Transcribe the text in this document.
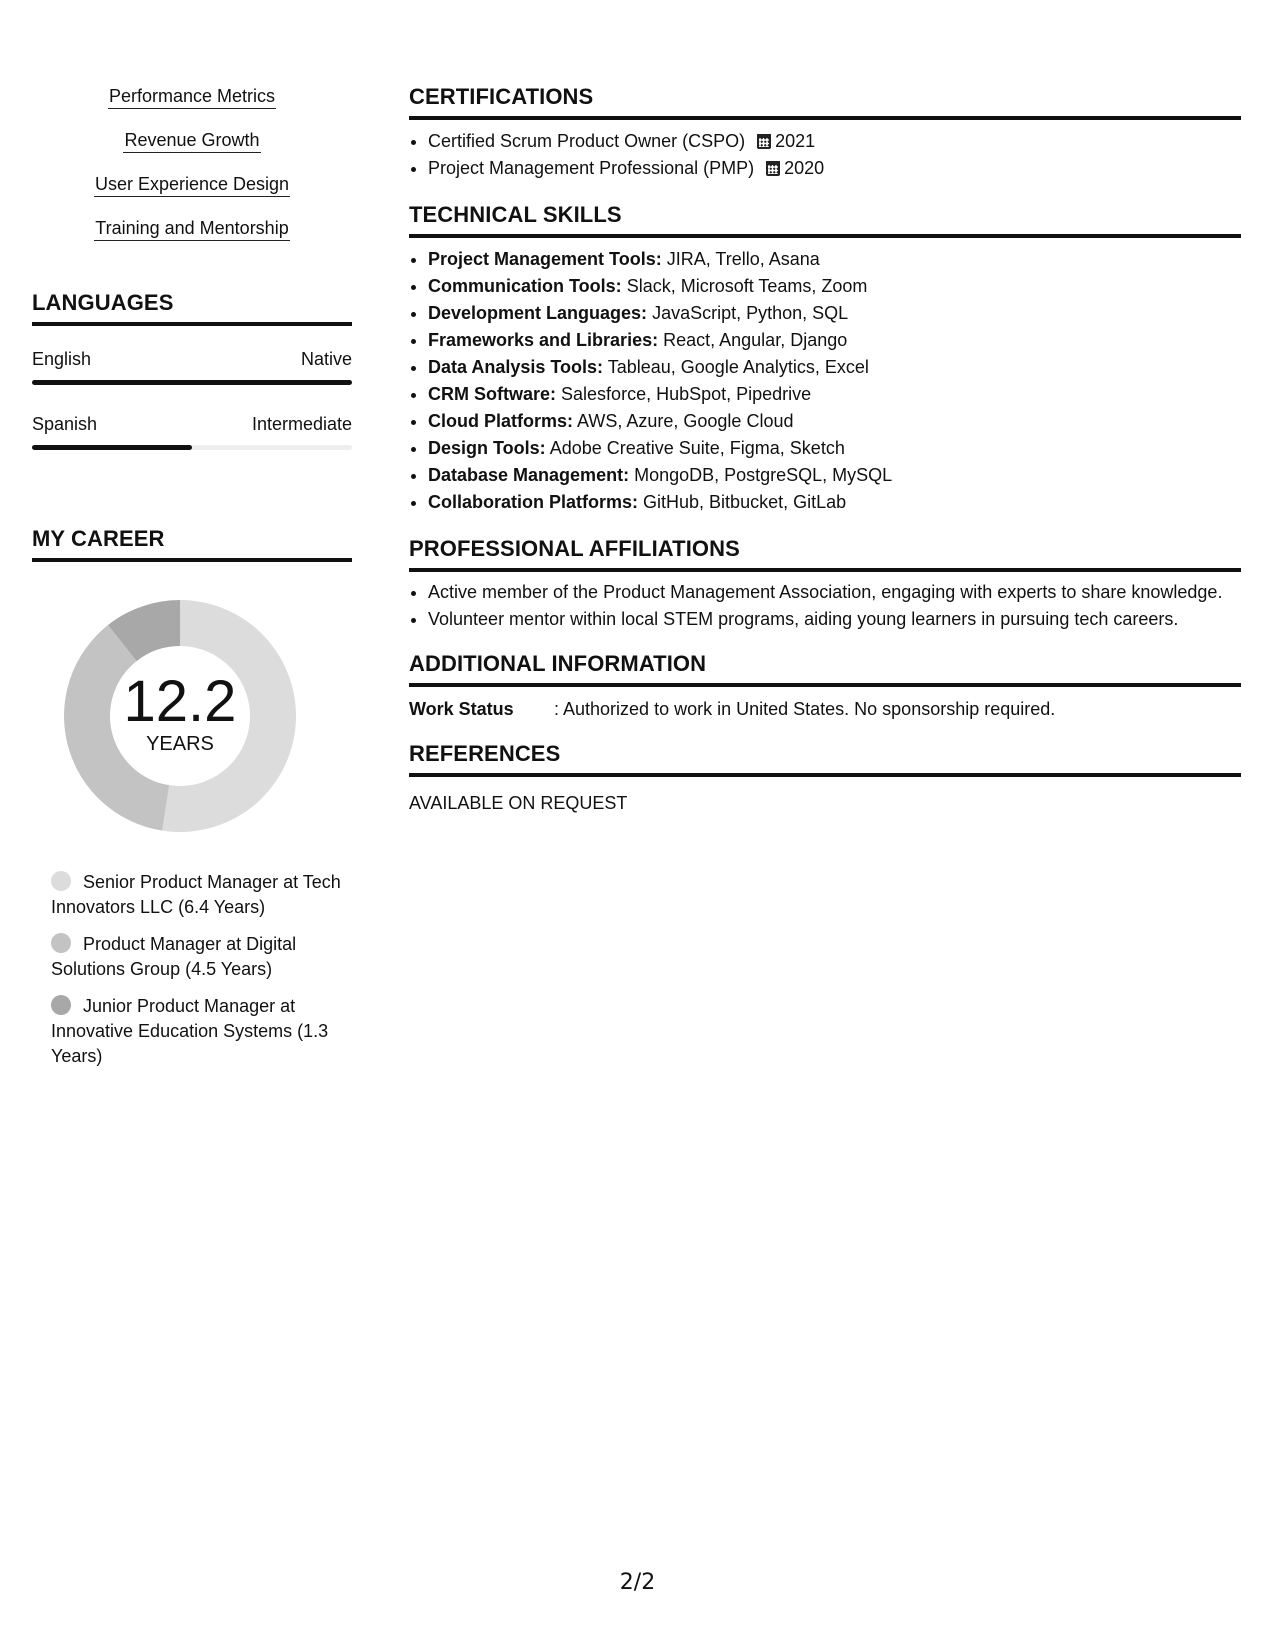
Performance Metrics
Revenue Growth
User Experience Design
Training and Mentorship
LANGUAGES
English	Native
Spanish	Intermediate
MY CAREER
12.2
YEARS
Senior Product Manager at Tech Innovators LLC (6.4 Years)
Product Manager at Digital Solutions Group (4.5 Years)
Junior Product Manager at Innovative Education Systems (1.3 Years)
CERTIFICATIONS
• Certified Scrum Product Owner (CSPO) 2021
• Project Management Professional (PMP) 2020
TECHNICAL SKILLS
• Project Management Tools: JIRA, Trello, Asana
• Communication Tools: Slack, Microsoft Teams, Zoom
• Development Languages: JavaScript, Python, SQL
• Frameworks and Libraries: React, Angular, Django
• Data Analysis Tools: Tableau, Google Analytics, Excel
• CRM Software: Salesforce, HubSpot, Pipedrive
• Cloud Platforms: AWS, Azure, Google Cloud
• Design Tools: Adobe Creative Suite, Figma, Sketch
• Database Management: MongoDB, PostgreSQL, MySQL
• Collaboration Platforms: GitHub, Bitbucket, GitLab
PROFESSIONAL AFFILIATIONS
• Active member of the Product Management Association, engaging with experts to share knowledge.
• Volunteer mentor within local STEM programs, aiding young learners in pursuing tech careers.
ADDITIONAL INFORMATION
Work Status	: Authorized to work in United States. No sponsorship required.
REFERENCES
AVAILABLE ON REQUEST
2/2
